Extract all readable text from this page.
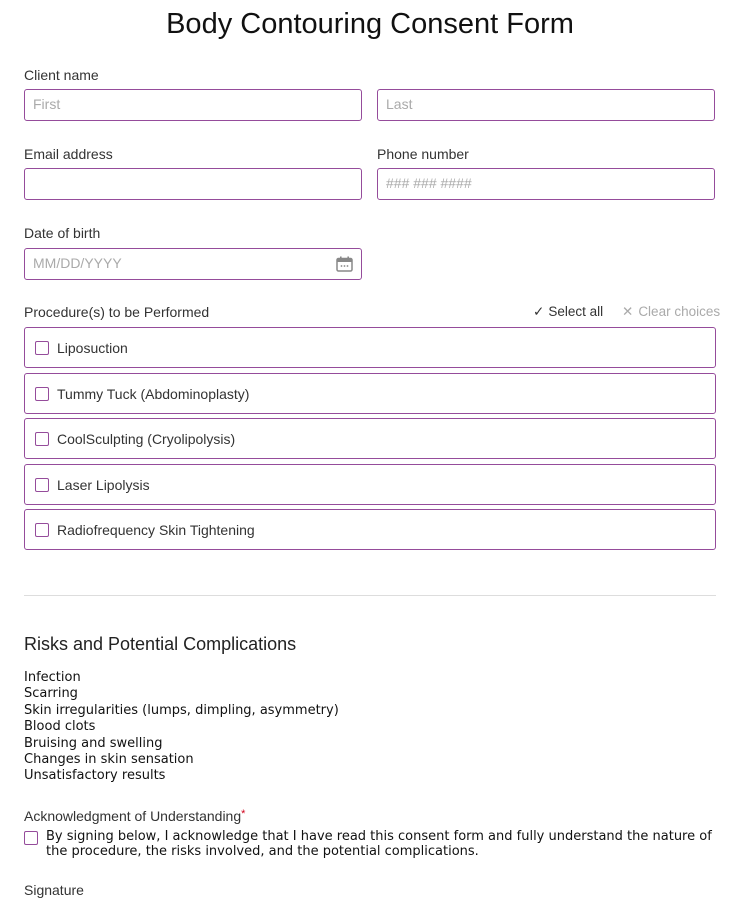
Body Contouring Consent Form
Client name
First	Last
Email address	Phone number
### ### ####
Date of birth
MM/DD/YYYY
Procedure(s) to be Performed	✓ Select all ✕ Clear choices
Liposuction
Tummy Tuck (Abdominoplasty)
CoolSculpting (Cryolipolysis)
Laser Lipolysis
Radiofrequency Skin Tightening
Risks and Potential Complications
Infection
Scarring
Skin irregularities (lumps, dimpling, asymmetry)
Blood clots
Bruising and swelling
Changes in skin sensation
Unsatisfactory results
Acknowledgment of Understanding*
By signing below, I acknowledge that I have read this consent form and fully understand the nature of
the procedure, the risks involved, and the potential complications.
Signature
